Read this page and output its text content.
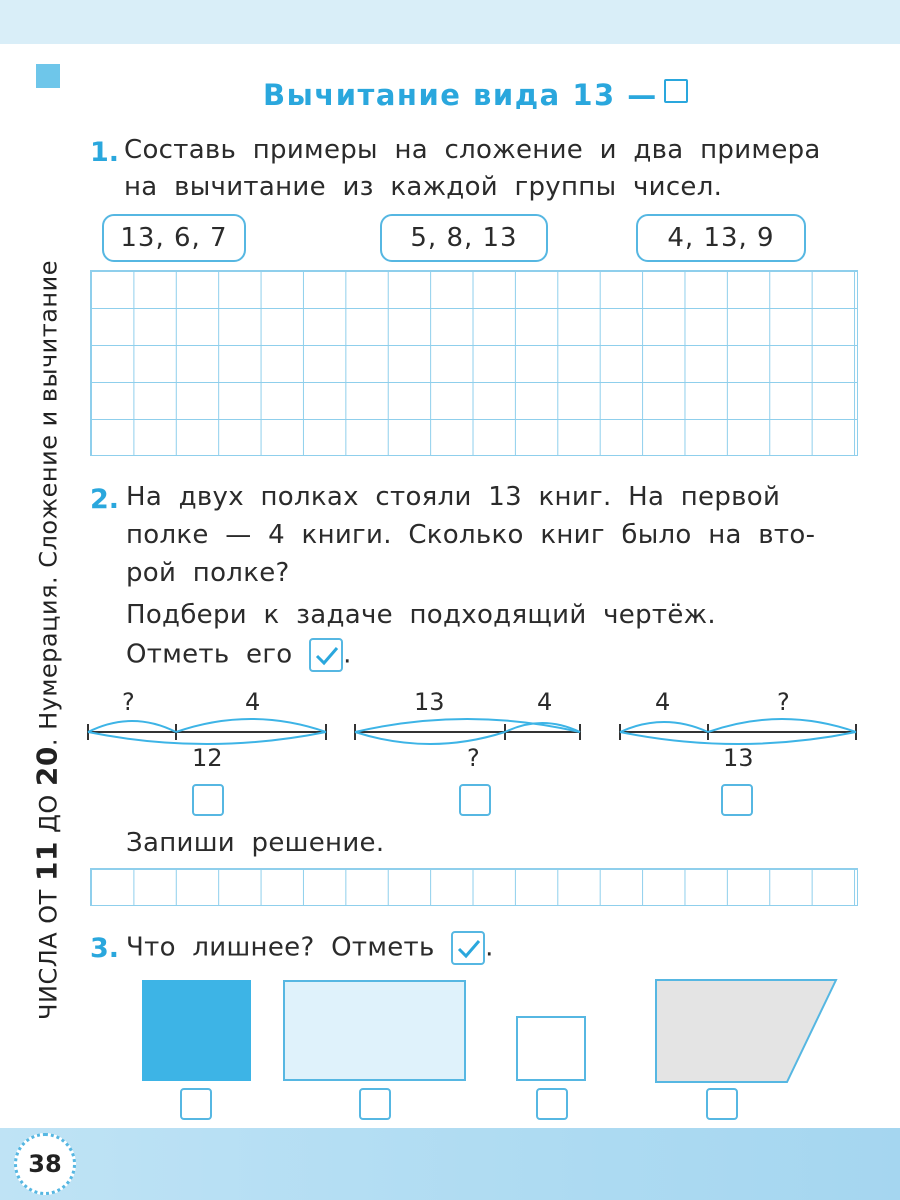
ЧИСЛА ОТ 11 ДО 20. Нумерация. Сложение и вычитание
Вычитание вида 13 —
1. Составь примеры на сложение и два примера
на вычитание из каждой группы чисел.
13, 6, 7	5, 8, 13	4, 13, 9
2. На двух полках стояли 13 книг. На первой
полке — 4 книги. Сколько книг было на вто-
рой полке?
Подбери к задаче подходящий чертёж.
Отметь его .
?	4
12
13	4
?
4	?
13
Запиши решение.
3. Что лишнее? Отметь .
38
